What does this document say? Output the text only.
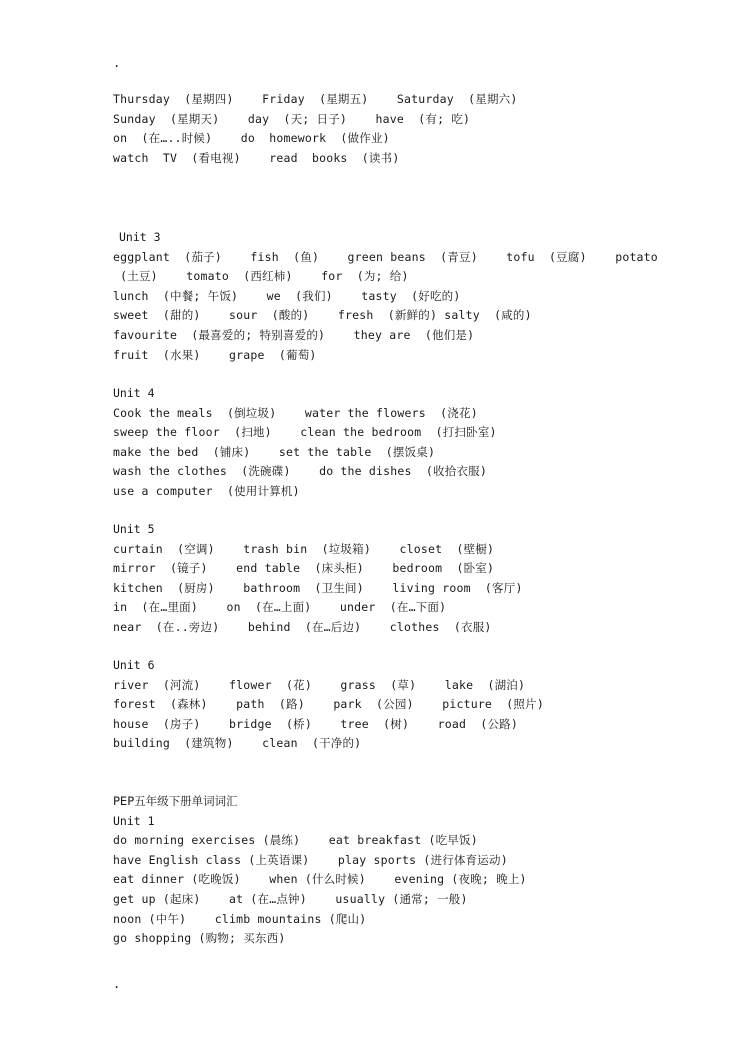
.
Thursday  (星期四)    Friday  (星期五)    Saturday  (星期六)
Sunday  (星期天)    day  (天; 日子)    have  (有; 吃)
on  (在…..时候)    do  homework  (做作业)
watch  TV  (看电视)    read  books  (读书)
Unit 3
eggplant  (茄子)    fish  (鱼)    green beans  (青豆)    tofu  (豆腐)    potato
(土豆)    tomato  (西红柿)    for  (为; 给)
lunch  (中餐; 午饭)    we  (我们)    tasty  (好吃的)
sweet  (甜的)    sour  (酸的)    fresh  (新鲜的) salty  (咸的)
favourite  (最喜爱的; 特别喜爱的)    they are  (他们是)
fruit  (水果)    grape  (葡萄)
Unit 4
Cook the meals  (倒垃圾)    water the flowers  (浇花)
sweep the floor  (扫地)    clean the bedroom  (打扫卧室)
make the bed  (铺床)    set the table  (摆饭桌)
wash the clothes  (洗碗碟)    do the dishes  (收拾衣服)
use a computer  (使用计算机)
Unit 5
curtain  (空调)    trash bin  (垃圾箱)    closet  (壁橱)
mirror  (镜子)    end table  (床头柜)    bedroom  (卧室)
kitchen  (厨房)    bathroom  (卫生间)    living room  (客厅)
in  (在…里面)    on  (在…上面)    under  (在…下面)
near  (在..旁边)    behind  (在…后边)    clothes  (衣服)
Unit 6
river  (河流)    flower  (花)    grass  (草)    lake  (湖泊)
forest  (森林)    path  (路)    park  (公园)    picture  (照片)
house  (房子)    bridge  (桥)    tree  (树)    road  (公路)
building  (建筑物)    clean  (干净的)
PEP五年级下册单词词汇
Unit 1
do morning exercises (晨练)    eat breakfast (吃早饭)
have English class (上英语课)    play sports (进行体育运动)
eat dinner (吃晚饭)    when (什么时候)    evening (夜晚; 晚上)
get up (起床)    at (在…点钟)    usually (通常; 一般)
noon (中午)    climb mountains (爬山)
go shopping (购物; 买东西)
.
